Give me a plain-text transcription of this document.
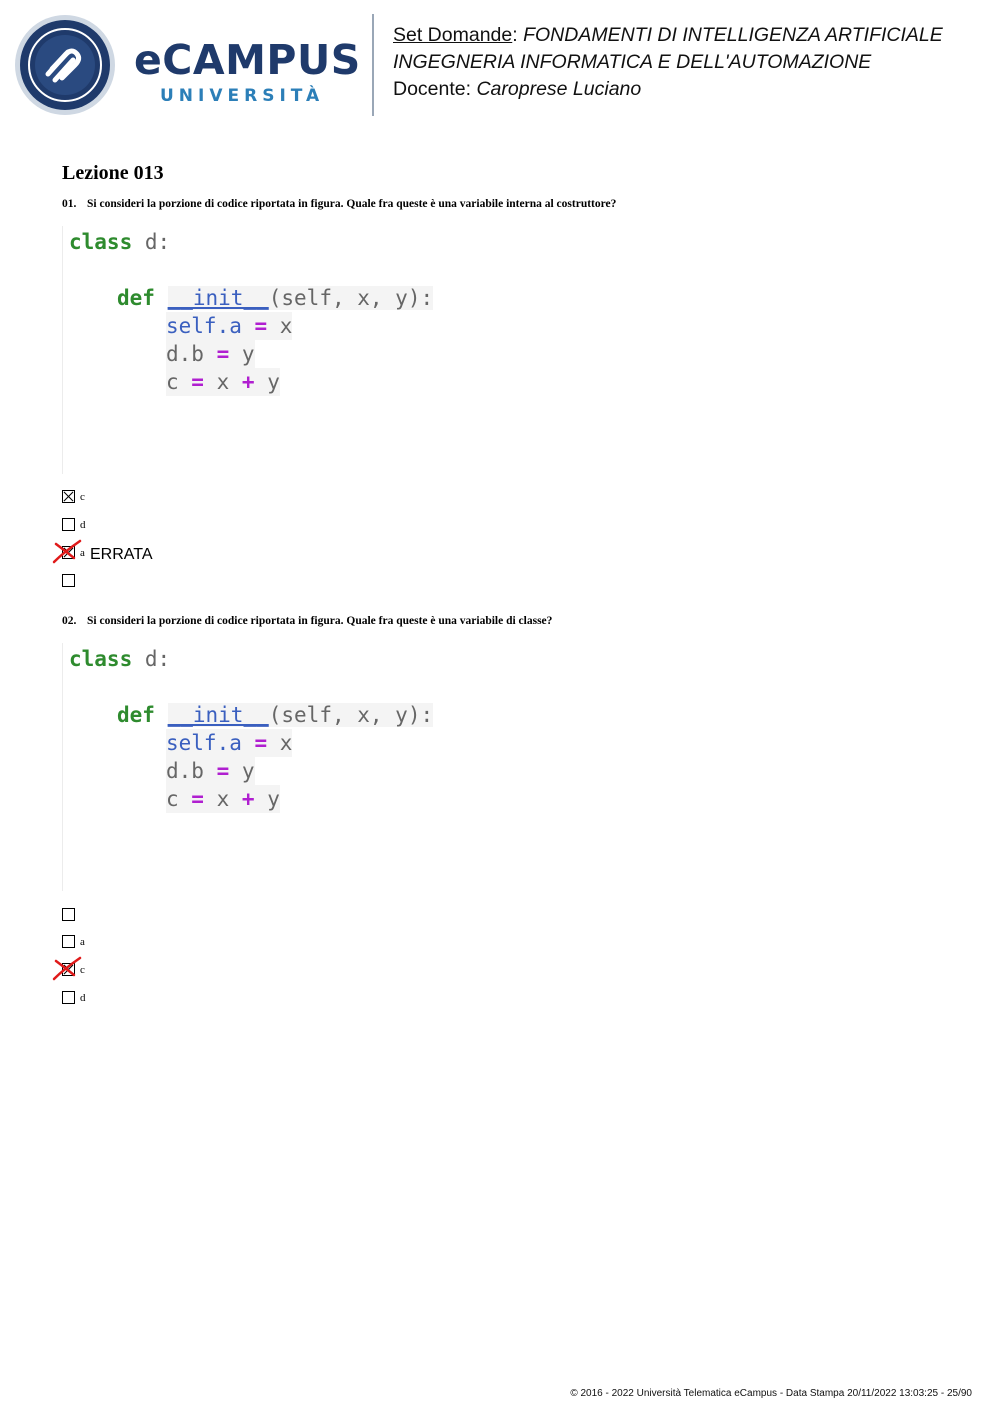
eCAMPUS
UNIVERSITÀ
Set Domande: FONDAMENTI DI INTELLIGENZA ARTIFICIALE
INGEGNERIA INFORMATICA E DELL'AUTOMAZIONE
Docente: Caroprese Luciano
Lezione 013
01. Si consideri la porzione di codice riportata in figura. Quale fra queste è una variabile interna al costruttore?
class d:
def __init__(self, x, y):
self.a = x
d.b = y
c = x + y
c
d
a ERRATA
02. Si consideri la porzione di codice riportata in figura. Quale fra queste è una variabile di classe?
class d:
def __init__(self, x, y):
self.a = x
d.b = y
c = x + y
a
c
d
© 2016 - 2022 Università Telematica eCampus - Data Stampa 20/11/2022 13:03:25 - 25/90
